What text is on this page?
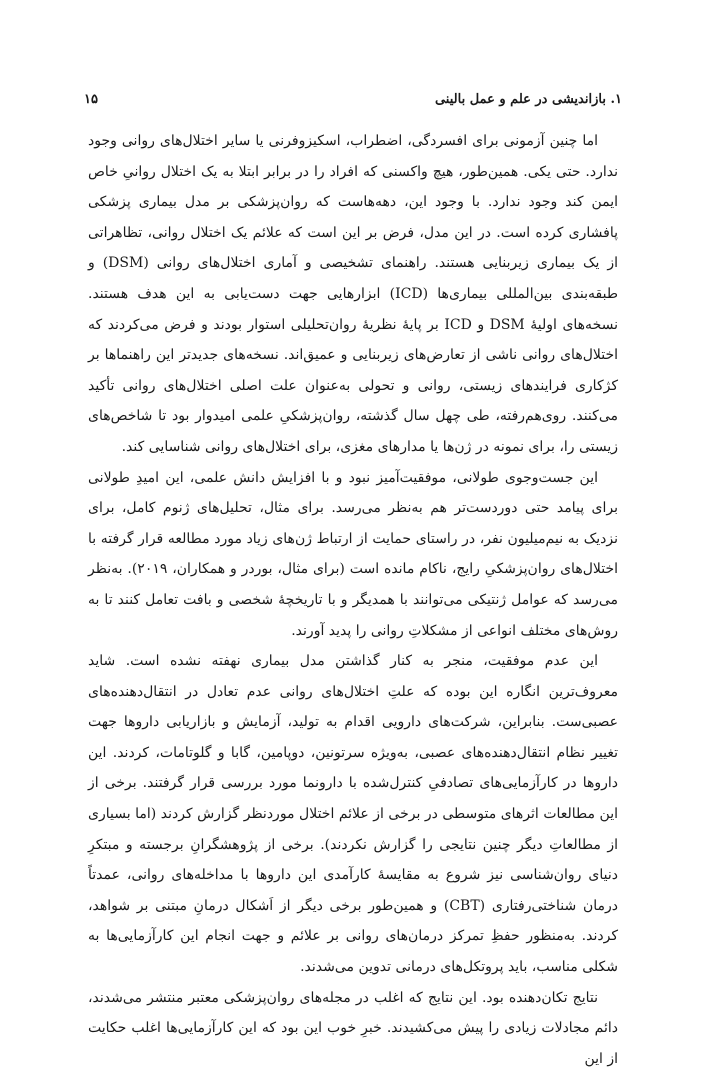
۱. بازاندیشی در علم و عمل بالینی
۱۵

اما چنین آزمونی برای افسردگی، اضطراب، اسکیزوفرنی یا سایر اختلال‌های روانی وجود ندارد. حتی یکی. همین‌طور، هیچ واکسنی که افراد را در برابر ابتلا به یک اختلال روانیِ خاص ایمن کند وجود ندارد. با وجود این، دهه‌هاست که روان‌پزشکی بر مدل بیماری پزشکی پافشاری کرده است. در این مدل، فرض بر این است که علائم یک اختلال روانی، تظاهراتی از یک بیماری زیربنایی هستند. راهنمای تشخیصی و آماری اختلال‌های روانی (DSM) و طبقه‌بندی بین‌المللی بیماری‌ها (ICD) ابزارهایی جهت دست‌یابی به این هدف هستند. نسخه‌های اولیهٔ DSM و ICD بر پایهٔ نظریهٔ روان‌تحلیلی استوار بودند و فرض می‌کردند که اختلال‌های روانی ناشی از تعارض‌های زیربنایی و عمیق‌اند. نسخه‌های جدیدتر این راهنماها بر کژکاری فرایندهای زیستی، روانی و تحولی به‌عنوان علت اصلی اختلال‌های روانی تأکید می‌کنند. روی‌هم‌رفته، طی چهل سال گذشته، روان‌پزشکیِ علمی امیدوار بود تا شاخص‌های زیستی را، برای نمونه در ژن‌ها یا مدارهای مغزی، برای اختلال‌های روانی شناسایی کند.

این جست‌وجوی طولانی، موفقیت‌آمیز نبود و با افزایش دانش علمی، این امیدِ طولانی برای پیامد حتی دوردست‌تر هم به‌نظر می‌رسد. برای مثال، تحلیل‌های ژنوم کامل، برای نزدیک به نیم‌میلیون نفر، در راستای حمایت از ارتباط ژن‌های زیاد مورد مطالعه قرار گرفته با اختلال‌های روان‌پزشکیِ رایج، ناکام مانده است (برای مثال، بوردر و همکاران، ۲۰۱۹). به‌نظر می‌رسد که عوامل ژنتیکی می‌توانند با همدیگر و با تاریخچهٔ شخصی و بافت تعامل کنند تا به روش‌های مختلف انواعی از مشکلاتِ روانی را پدید آورند.

این عدم موفقیت، منجر به کنار گذاشتن مدل بیماری نهفته نشده است. شاید معروف‌ترین انگاره این بوده که علتِ اختلال‌های روانی عدم تعادل در انتقال‌دهنده‌های عصبی‌ست. بنابراین، شرکت‌های دارویی اقدام به تولید، آزمایش و بازاریابی داروها جهت تغییر نظام انتقال‌دهنده‌های عصبی، به‌ویژه سرتونین، دوپامین، گابا و گلوتامات، کردند. این داروها در کارآزمایی‌های تصادفیِ کنترل‌شده با دارونما مورد بررسی قرار گرفتند. برخی از این مطالعات اثرهای متوسطی در برخی از علائم اختلال موردنظر گزارش کردند (اما بسیاری از مطالعاتِ دیگر چنین نتایجی را گزارش نکردند). برخی از پژوهشگرانِ برجسته و مبتکرِ دنیای روان‌شناسی نیز شروع به مقایسهٔ کارآمدی این داروها با مداخله‌های روانی، عمدتاً درمان شناختی‌رفتاری (CBT) و همین‌طور برخی دیگر از اَشکال درمانِ مبتنی بر شواهد، کردند. به‌منظور حفظِ تمرکز درمان‌های روانی بر علائم و جهت انجام این کارآزمایی‌ها به شکلی مناسب، باید پروتکل‌های درمانی تدوین می‌شدند.

نتایج تکان‌دهنده بود. این نتایج که اغلب در مجله‌های روان‌پزشکی معتبر منتشر می‌شدند، دائم مجادلات زیادی را پیش می‌کشیدند. خبرِ خوب این بود که این کارآزمایی‌ها اغلب حکایت از این
